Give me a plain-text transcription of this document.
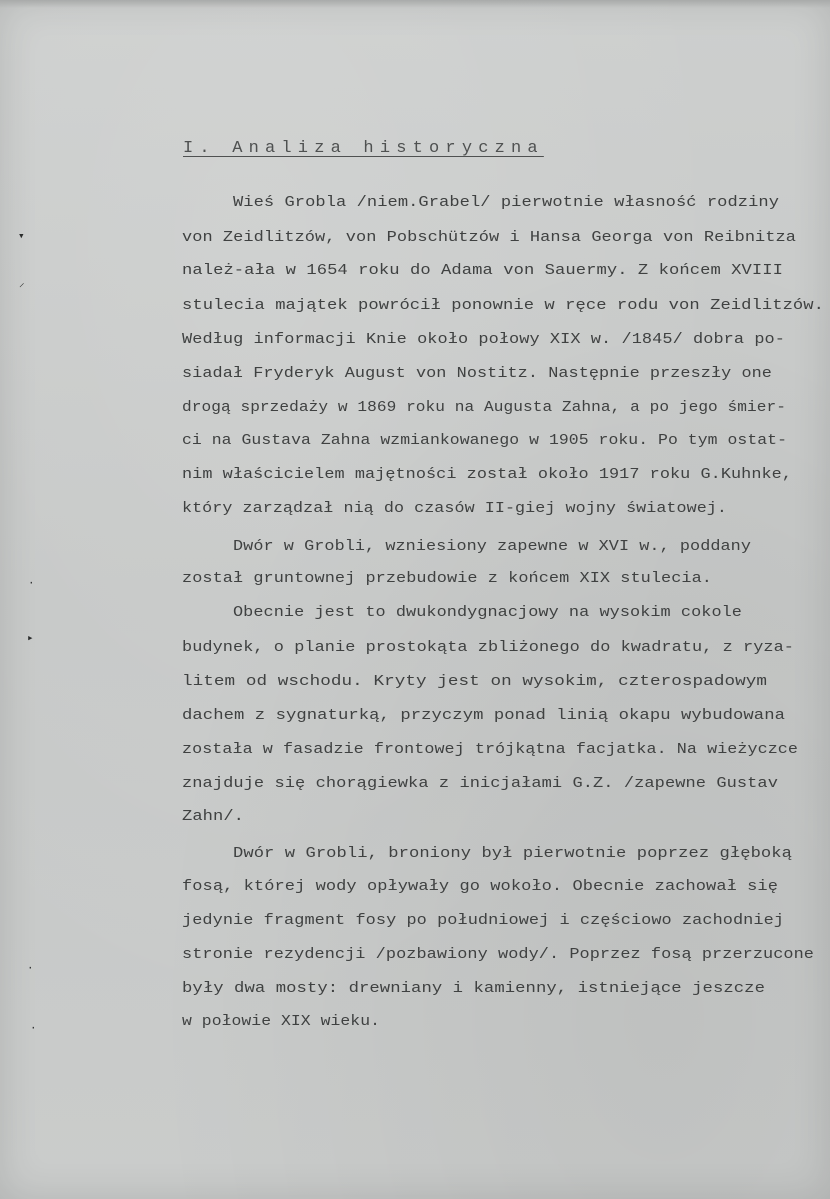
I. Analiza historyczna
Wieś Grobla /niem.Grabel/ pierwotnie własność rodziny
von Zeidlitzów, von Pobschützów i Hansa Georga von Reibnitza
należ-ała w 1654 roku do Adama von Sauermy. Z końcem XVIII
stulecia majątek powrócił ponownie w ręce rodu von Zeidlitzów.
Według informacji Knie około połowy XIX w. /1845/ dobra po-
siadał Fryderyk August von Nostitz. Następnie przeszły one
drogą sprzedaży w 1869 roku na Augusta Zahna, a po jego śmier-
ci na Gustava Zahna wzmiankowanego w 1905 roku. Po tym ostat-
nim właścicielem majętności został około 1917 roku G.Kuhnke,
który zarządzał nią do czasów II-giej wojny światowej.
Dwór w Grobli, wzniesiony zapewne w XVI w., poddany
został gruntownej przebudowie z końcem XIX stulecia.
Obecnie jest to dwukondygnacjowy na wysokim cokole
budynek, o planie prostokąta zbliżonego do kwadratu, z ryza-
litem od wschodu. Kryty jest on wysokim, czterospadowym
dachem z sygnaturką, przyczym ponad linią okapu wybudowana
została w fasadzie frontowej trójkątna facjatka. Na wieżyczce
znajduje się chorągiewka z inicjałami G.Z. /zapewne Gustav
Zahn/.
Dwór w Grobli, broniony był pierwotnie poprzez głęboką
fosą, której wody opływały go wokoło. Obecnie zachował się
jedynie fragment fosy po południowej i częściowo zachodniej
stronie rezydencji /pozbawiony wody/. Poprzez fosą przerzucone
były dwa mosty: drewniany i kamienny, istniejące jeszcze
w połowie XIX wieku.
▾
⸍
·
▸
·
·
